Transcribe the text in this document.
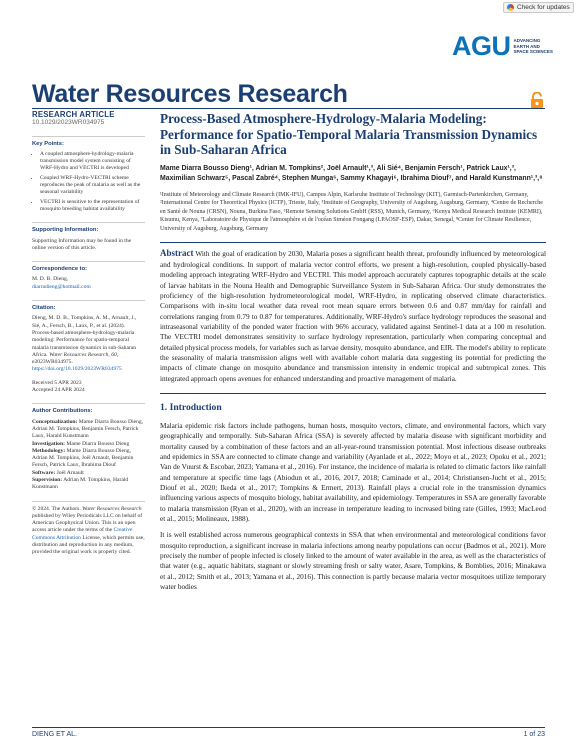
Check for updates
AGU ADVANCING
EARTH AND
SPACE SCIENCES
Water Resources Research
RESEARCH ARTICLE
10.1029/2023WR034975
Key Points:
• A coupled atmosphere-hydrology-malaria transmission model system consisting of WRF-Hydro and VECTRI is developed
• Coupled WRF-Hydro-VECTRI scheme reproduces the peak of malaria as well as the seasonal variability
• VECTRI is sensitive to the representation of mosquito breeding habitat availability
Supporting Information:
Supporting Information may be found in the online version of this article.
Correspondence to:
M. D. B. Dieng,
diarradieng@hotmail.com
Citation:
Dieng, M. D. B., Tompkins, A. M., Arnault, J., Sié, A., Fersch, B., Laux, P., et al. (2024). Process-based atmosphere-hydrology-malaria modeling: Performance for spatio-temporal malaria transmission dynamics in sub-Saharan Africa. Water Resources Research, 60, e2023WR034975. https://doi.org/10.1029/2023WR034975
Received 5 APR 2023
Accepted 24 APR 2024
Author Contributions:
Conceptualization: Mame Diarra Bousso Dieng, Adrian M. Tompkins, Benjamin Fersch, Patrick Laux, Harald Kunstmann
Investigation: Mame Diarra Bousso Dieng
Methodology: Mame Diarra Bousso Dieng, Adrian M. Tompkins, Joël Arnault, Benjamin Fersch, Patrick Laux, Ibrahima Diouf
Software: Joël Arnault
Supervision: Adrian M. Tompkins, Harald Kunstmann
© 2024. The Authors. Water Resources Research published by Wiley Periodicals LLC on behalf of American Geophysical Union. This is an open access article under the terms of the Creative Commons Attribution License, which permits use, distribution and reproduction in any medium, provided the original work is properly cited.
Process-Based Atmosphere-Hydrology-Malaria Modeling: Performance for Spatio-Temporal Malaria Transmission Dynamics in Sub-Saharan Africa
Mame Diarra Bousso Dieng¹, Adrian M. Tompkins², Joël Arnault¹,³, Ali Sié⁴, Benjamin Fersch¹, Patrick Laux¹,³, Maximilian Schwarz⁵, Pascal Zabré⁴, Stephen Munga⁶, Sammy Khagayi⁶, Ibrahima Diouf⁷, and Harald Kunstmann¹,³,⁸
¹Institute of Meteorology and Climate Research (IMK-IFU), Campus Alpin, Karlsruhe Institute of Technology (KIT), Garmisch-Partenkirchen, Germany, ²International Centre for Theoretical Physics (ICTP), Trieste, Italy, ³Institute of Geography, University of Augsburg, Augsburg, Germany, ⁴Centre de Recherche en Santé de Nouna (CRSN), Nouna, Burkina Faso, ⁵Remote Sensing Solutions GmbH (RSS), Munich, Germany, ⁶Kenya Medical Research Institute (KEMRI), Kisumu, Kenya, ⁷Laboratoire de Physique de l'atmosphère et de l'océan Siméon Fongang (LPAOSF-ESP), Dakar, Senegal, ⁸Center for Climate Resilience, University of Augsburg, Augsburg, Germany
Abstract With the goal of eradication by 2030, Malaria poses a significant health threat, profoundly influenced by meteorological and hydrological conditions. In support of malaria vector control efforts, we present a high-resolution, coupled physically-based modeling approach integrating WRF-Hydro and VECTRI. This model approach accurately captures topographic details at the scale of larvae habitats in the Nouna Health and Demographic Surveillance System in Sub-Saharan Africa. Our study demonstrates the proficiency of the high-resolution hydrometeorological model, WRF-Hydro, in replicating observed climate characteristics. Comparisons with in-situ local weather data reveal root mean square errors between 0.6 and 0.87 mm/day for rainfall and correlations ranging from 0.79 to 0.87 for temperatures. Additionally, WRF-Hydro's surface hydrology reproduces the seasonal and intraseasonal variability of the ponded water fraction with 96% accuracy, validated against Sentinel-1 data at a 100 m resolution. The VECTRI model demonstrates sensitivity to surface hydrology representation, particularly when comparing conceptual and detailed physical process models, for variables such as larvae density, mosquito abundance, and EIR. The model's ability to replicate the seasonality of malaria transmission aligns well with available cohort malaria data suggesting its potential for predicting the impacts of climate change on mosquito abundance and transmission intensity in endemic tropical and subtropical zones. This integrated approach opens avenues for enhanced understanding and proactive management of malaria.
1. Introduction

Malaria epidemic risk factors include pathogens, human hosts, mosquito vectors, climate, and environmental factors, which vary geographically and temporally. Sub-Saharan Africa (SSA) is severely affected by malaria disease with significant morbidity and mortality caused by a combination of these factors and an all-year-round transmission potential. Most infectious disease outbreaks and epidemics in SSA are connected to climate change and variability (Ayanlade et al., 2022; Moyo et al., 2023; Opoku et al., 2021; Van de Vuurst & Escobar, 2023; Yamana et al., 2016). For instance, the incidence of malaria is related to climatic factors like rainfall and temperature at specific time lags (Abiodun et al., 2016, 2017, 2018; Caminade et al., 2014; Christiansen-Jucht et al., 2015; Diouf et al., 2020; Ikeda et al., 2017; Tompkins & Ermert, 2013). Rainfall plays a crucial role in the transmission dynamics influencing various aspects of mosquito biology, habitat availability, and epidemiology. Temperatures in SSA are generally favorable to malaria transmission (Ryan et al., 2020), with an increase in temperature leading to increased biting rate (Gilles, 1993; MacLeod et al., 2015; Molineaux, 1988).

It is well established across numerous geographical contexts in SSA that when environmental and meteorological conditions favor mosquito reproduction, a significant increase in malaria infections among nearby populations can occur (Badmos et al., 2021). More precisely the number of people infected is closely linked to the amount of water available in the area, as well as the characteristics of that water (e.g., aquatic habitats, stagnant or slowly streaming fresh or salty water, Asare, Tompkins, & Bomblies, 2016; Minakawa et al., 2012; Smith et al., 2013; Yamana et al., 2016). This connection is partly because malaria vector mosquitoes utilize temporary water bodies

DIENG ET AL.	1 of 23
